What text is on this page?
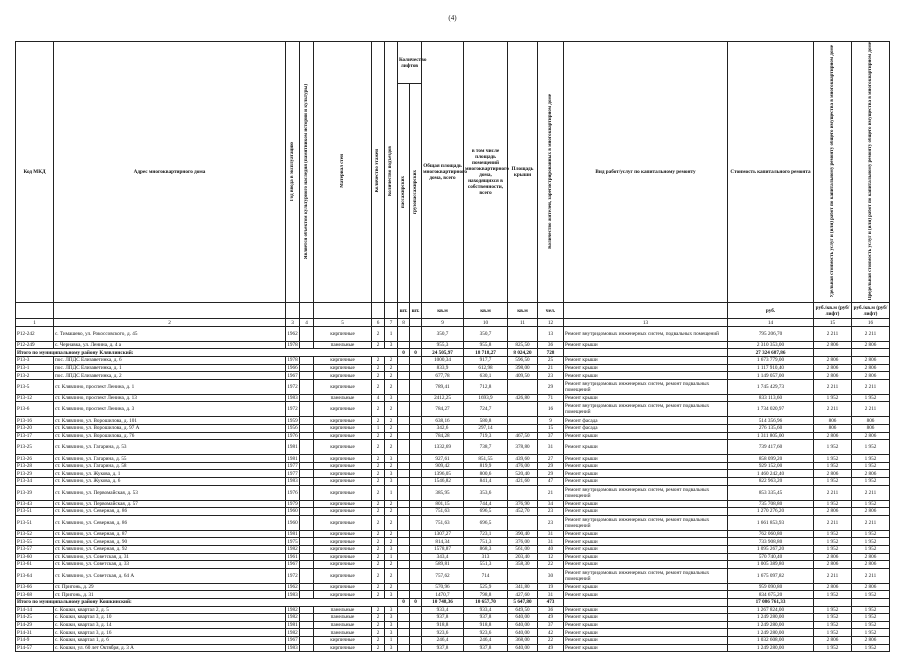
(4)
Код МКД	Адрес многоквартирного дома	Год ввода в эксплуатацию	Является объектом культурного наследия (памятником истории и культуры)	Материал стен	Количество этажей	Количество подъездов	Количество лифтов		Общая площадь многоквартирного дома, всего	в том числе площадь помещений многоквартирного дома, находящихся в собственности, всего	Площадь крыши	Количество жителей, зарегистрированных в многоквартирном доме	Вид работ/услуг по капитальному ремонту	Стоимость капитального ремонта	Удельная стоимость услуг и (или) работ по капитальному ремонту общего имущества в многоквартирном доме	Предельная стоимость услуг и (или) работ по капитальному ремонту общего имущества в многоквартирном доме
							пассажирских	грузопассажирских								

							шт.	шт.	кв.м	кв.м	кв.м	чел.		руб.	руб./кв.м (руб/лифт)	руб./кв.м (руб/лифт)
1	2	3	4	5	6	7	8		9	10	11	12	13	14	15	16
Р12-242	с. Тимашево, ул. Рокоссовского, д. 45	1962		кирпичные	2	1			350,7	350,7		13	Ремонт внутридомовых инженерных систем, подвальных помещений	795 206,70	2 211	2 211
Р12-249	с. Чернавка, ул. Ленина, д. 4 а	1978		панельные	2	3			955,3	955,8	825,50	36	Ремонт крыши	2 310 353,00	2 806	2 806
Итого по муниципальному району Клявлинский:							0	0	24 505,97	18 718,27	8 024,20	728		27 324 687,86		
Р13-3	пос. ЛПДС Елизаветинка, д. 6	1978		кирпичные	2	2			1000,34	917,7	596,50	25	Ремонт крыши	1 673 779,00	2 806	2 806
Р13-1	пос. ЛПДС Елизаветинка, д. 1	1966		кирпичные	2	2			833,9	612,98	398,00	21	Ремонт крыши	1 117 910,40	2 806	2 806
Р13-2	пос. ЛПДС Елизаветинка, д. 2	1967		кирпичные	2	2			677,78	630,1	409,50	23	Ремонт крыши	1 149 057,00	2 806	2 806
Р13-5	ст. Клявлино, проспект Ленина, д. 1	1972		кирпичные	2	2			789,41	712,8		29	Ремонт внутридомовых инженерных систем, ремонт подвальных помещений	1 745 429,73	2 211	2 211
Р13-12	ст. Клявлино, проспект Ленина, д. 13	1983		панельные	4	3			2412,25	1693,9	426,80	71	Ремонт крыши	833 113,60	1 952	1 952
Р13-6	ст. Клявлино, проспект Ленина, д. 3	1972		кирпичные	2	2			784,27	724,7		16	Ремонт внутридомовых инженерных систем, ремонт подвальных помещений	1 734 020,97	2 211	2 211
Р13-16	ст. Клявлино, ул. Ворошилова, д. 101	1959		кирпичные	2	2			638,16	580,8		9	Ремонт фасада	514 356,96	806	806
Р13-20	ст. Клявлино, ул. Ворошилова, д. 97 А	1956		кирпичные	1	2			342,6	297,14		15	Ремонт фасада	276 135,60	806	806
Р13-17	ст. Клявлино, ул. Ворошилова, д. 76	1976		кирпичные	2	2			784,28	719,3	467,50	37	Ремонт крыши	1 311 805,00	2 806	2 806
Р13-25	ст. Клявлино, ул. Гагарина, д. 53	1981		кирпичные	2	2			1332,69	738,7	378,80	31	Ремонт крыши	739 417,60	1 952	1 952
Р13-26	ст. Клявлино, ул. Гагарина, д. 55	1981		кирпичные	2	3			927,61	851,55	439,60	27	Ремонт крыши	858 099,20	1 952	1 952
Р13-28	ст. Клявлино, ул. Гагарина, д. 58	1977		кирпичные	2	2			909,42	819,9	476,00	29	Ремонт крыши	929 152,00	1 952	1 952
Р13-29	ст. Клявлино, ул. Жукова, д. 1	1977		кирпичные	2	3			1396,05	800,6	520,40	29	Ремонт крыши	1 460 242,40	2 806	2 806
Р13-34	ст. Клявлино, ул. Жукова, д. 6	1983		кирпичные	2	3			1546,82	841,4	421,60	47	Ремонт крыши	822 963,20	1 952	1 952
Р13-39	ст. Клявлино, ул. Первомайская, д. 53	1976		кирпичные	2	1			385,95	353,6		21	Ремонт внутридомовых инженерных систем, ремонт подвальных помещений	853 335,45	2 211	2 211
Р13-43	ст. Клявлино, ул. Первомайская, д. 57	1979		кирпичные	2	2			801,15	744,4	376,90	34	Ремонт крыши	735 708,80	1 952	1 952
Р13-51	ст. Клявлино, ул. Северная, д. 86	1960		кирпичные	2	2			751,63	696,5	452,70	23	Ремонт крыши	1 270 276,20	2 806	2 806
Р13-51	ст. Клявлино, ул. Северная, д. 86	1960		кирпичные	2	2			751,63	696,5		23	Ремонт внутридомовых инженерных систем, ремонт подвальных помещений	1 661 853,93	2 211	2 211
Р13-52	ст. Клявлино, ул. Северная, д. 87	1981		кирпичные	2	2			1307,27	723,1	390,40	31	Ремонт крыши	762 060,80	1 952	1 952
Р13-55	ст. Клявлино, ул. Северная, д. 90	1975		кирпичные	2	2			814,34	751,3	376,00	31	Ремонт крыши	733 908,80	1 952	1 952
Р13-57	ст. Клявлино, ул. Северная, д. 92	1982		кирпичные	2	3			1578,87	868,3	561,00	40	Ремонт крыши	1 095 267,20	1 952	1 952
Р13-60	ст. Клявлино, ул. Советская, д. 31	1961		кирпичные	2	1			343,4	313	203,40	12	Ремонт крыши	570 740,40	2 806	2 806
Р13-61	ст. Клявлино, ул. Советская, д. 33	1967		кирпичные	2	2			589,81	551,3	358,30	22	Ремонт крыши	1 005 389,80	2 806	2 806
Р13-64	ст. Клявлино, ул. Советская, д. 64 А	1972		кирпичные	2	2			757,62	714		30	Ремонт внутридомовых инженерных систем, ремонт подвальных помещений	1 675 097,82	2 211	2 211
Р13-66	ст. Пригонь, д. 29	1962		кирпичные	2	2			570,96	525,9	341,80	19	Ремонт крыши	959 090,80	2 806	2 806
Р13-68	ст. Пригонь, д. 31	1983		кирпичные	2	3			1470,7	798,8	427,60	31	Ремонт крыши	834 675,20	1 952	1 952
Итого по муниципальному району Кошкинский:							0	0	10 748,36	10 657,70	5 647,80	473		17 086 761,33		
Р14-14	с. Кошки, квартал 2, д. 5	1982		панельные	2	3			933,4	933,4	649,50	36	Ремонт крыши	1 267 824,00	1 952	1 952
Р14-25	с. Кошки, квартал 3, д. 10	1982		панельные	2	3			937,8	937,8	640,00	49	Ремонт крыши	1 249 280,00	1 952	1 952
Р14-29	с. Кошки, квартал 3, д. 14	1981		панельные	2	3			918,8	918,8	640,00	37	Ремонт крыши	1 249 280,00	1 952	1 952
Р14-31	с. Кошки, квартал 3, д. 16	1982		панельные	2	3			923,6	923,6	640,00	42	Ремонт крыши	1 249 280,00	1 952	1 952
Р14-9	с. Кошки, квартал 1, д. 6	1967		кирпичные	2	1			246,4	246,4	368,00	22	Ремонт крыши	1 032 608,00	2 806	2 806
Р14-57	с. Кошки, ул. 60 лет Октября, д. 3 А	1983		кирпичные	2	3			937,8	937,8	640,00	49	Ремонт крыши	1 249 280,00	1 952	1 952
